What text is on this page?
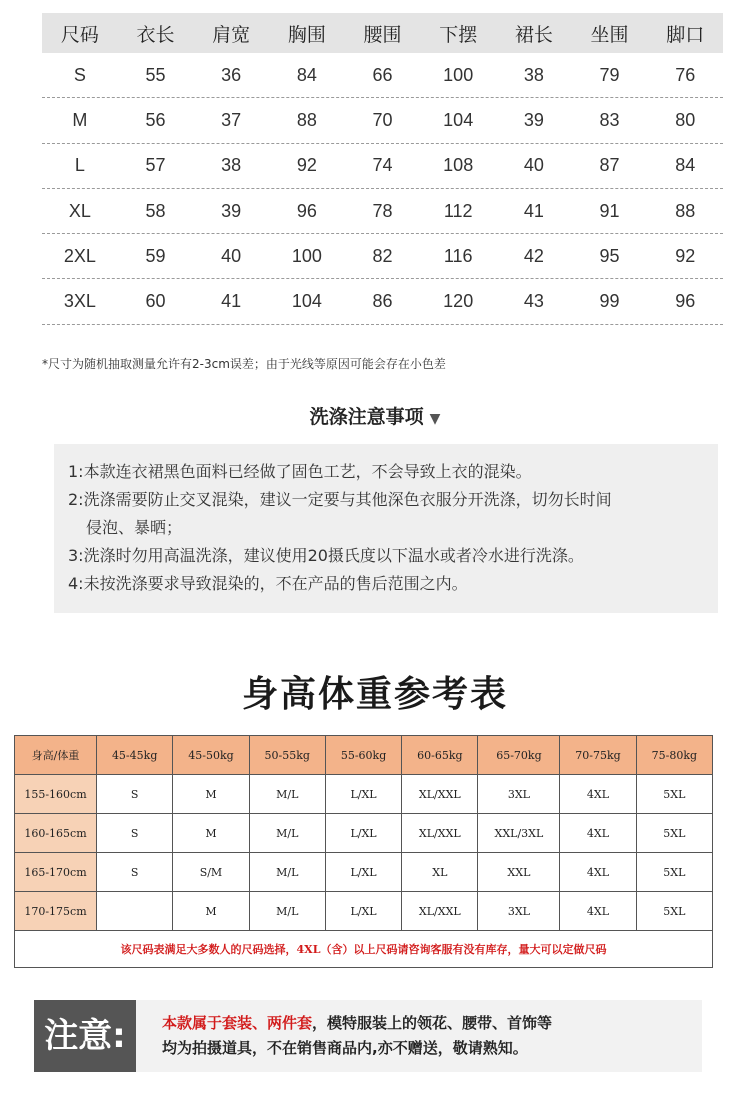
尺码	衣长	肩宽	胸围	腰围	下摆	裙长	坐围	脚口
S	55	36	84	66	100	38	79	76
M	56	37	88	70	104	39	83	80
L	57	38	92	74	108	40	87	84
XL	58	39	96	78	112	41	91	88
2XL	59	40	100	82	116	42	95	92
3XL	60	41	104	86	120	43	99	96
*尺寸为随机抽取测量允许有2-3cm误差；由于光线等原因可能会存在小色差
洗涤注意事项 ▼
1:本款连衣裙黑色面料已经做了固色工艺，不会导致上衣的混染。
2:洗涤需要防止交叉混染，建议一定要与其他深色衣服分开洗涤，切勿长时间
侵泡、暴晒；
3:洗涤时勿用高温洗涤，建议使用20摄氏度以下温水或者冷水进行洗涤。
4:未按洗涤要求导致混染的，不在产品的售后范围之内。
身高体重参考表
身高/体重	45-45kg	45-50kg	50-55kg	55-60kg	60-65kg	65-70kg	70-75kg	75-80kg
155-160cm	S	M	M/L	L/XL	XL/XXL	3XL	4XL	5XL
160-165cm	S	M	M/L	L/XL	XL/XXL	XXL/3XL	4XL	5XL
165-170cm	S	S/M	M/L	L/XL	XL	XXL	4XL	5XL
170-175cm		M	M/L	L/XL	XL/XXL	3XL	4XL	5XL
该尺码表满足大多数人的尺码选择，4XL（含）以上尺码请咨询客服有没有库存，量大可以定做尺码								
注意:	本款属于套装、两件套，模特服装上的领花、腰带、首饰等
均为拍摄道具，不在销售商品内,亦不赠送，敬请熟知。
